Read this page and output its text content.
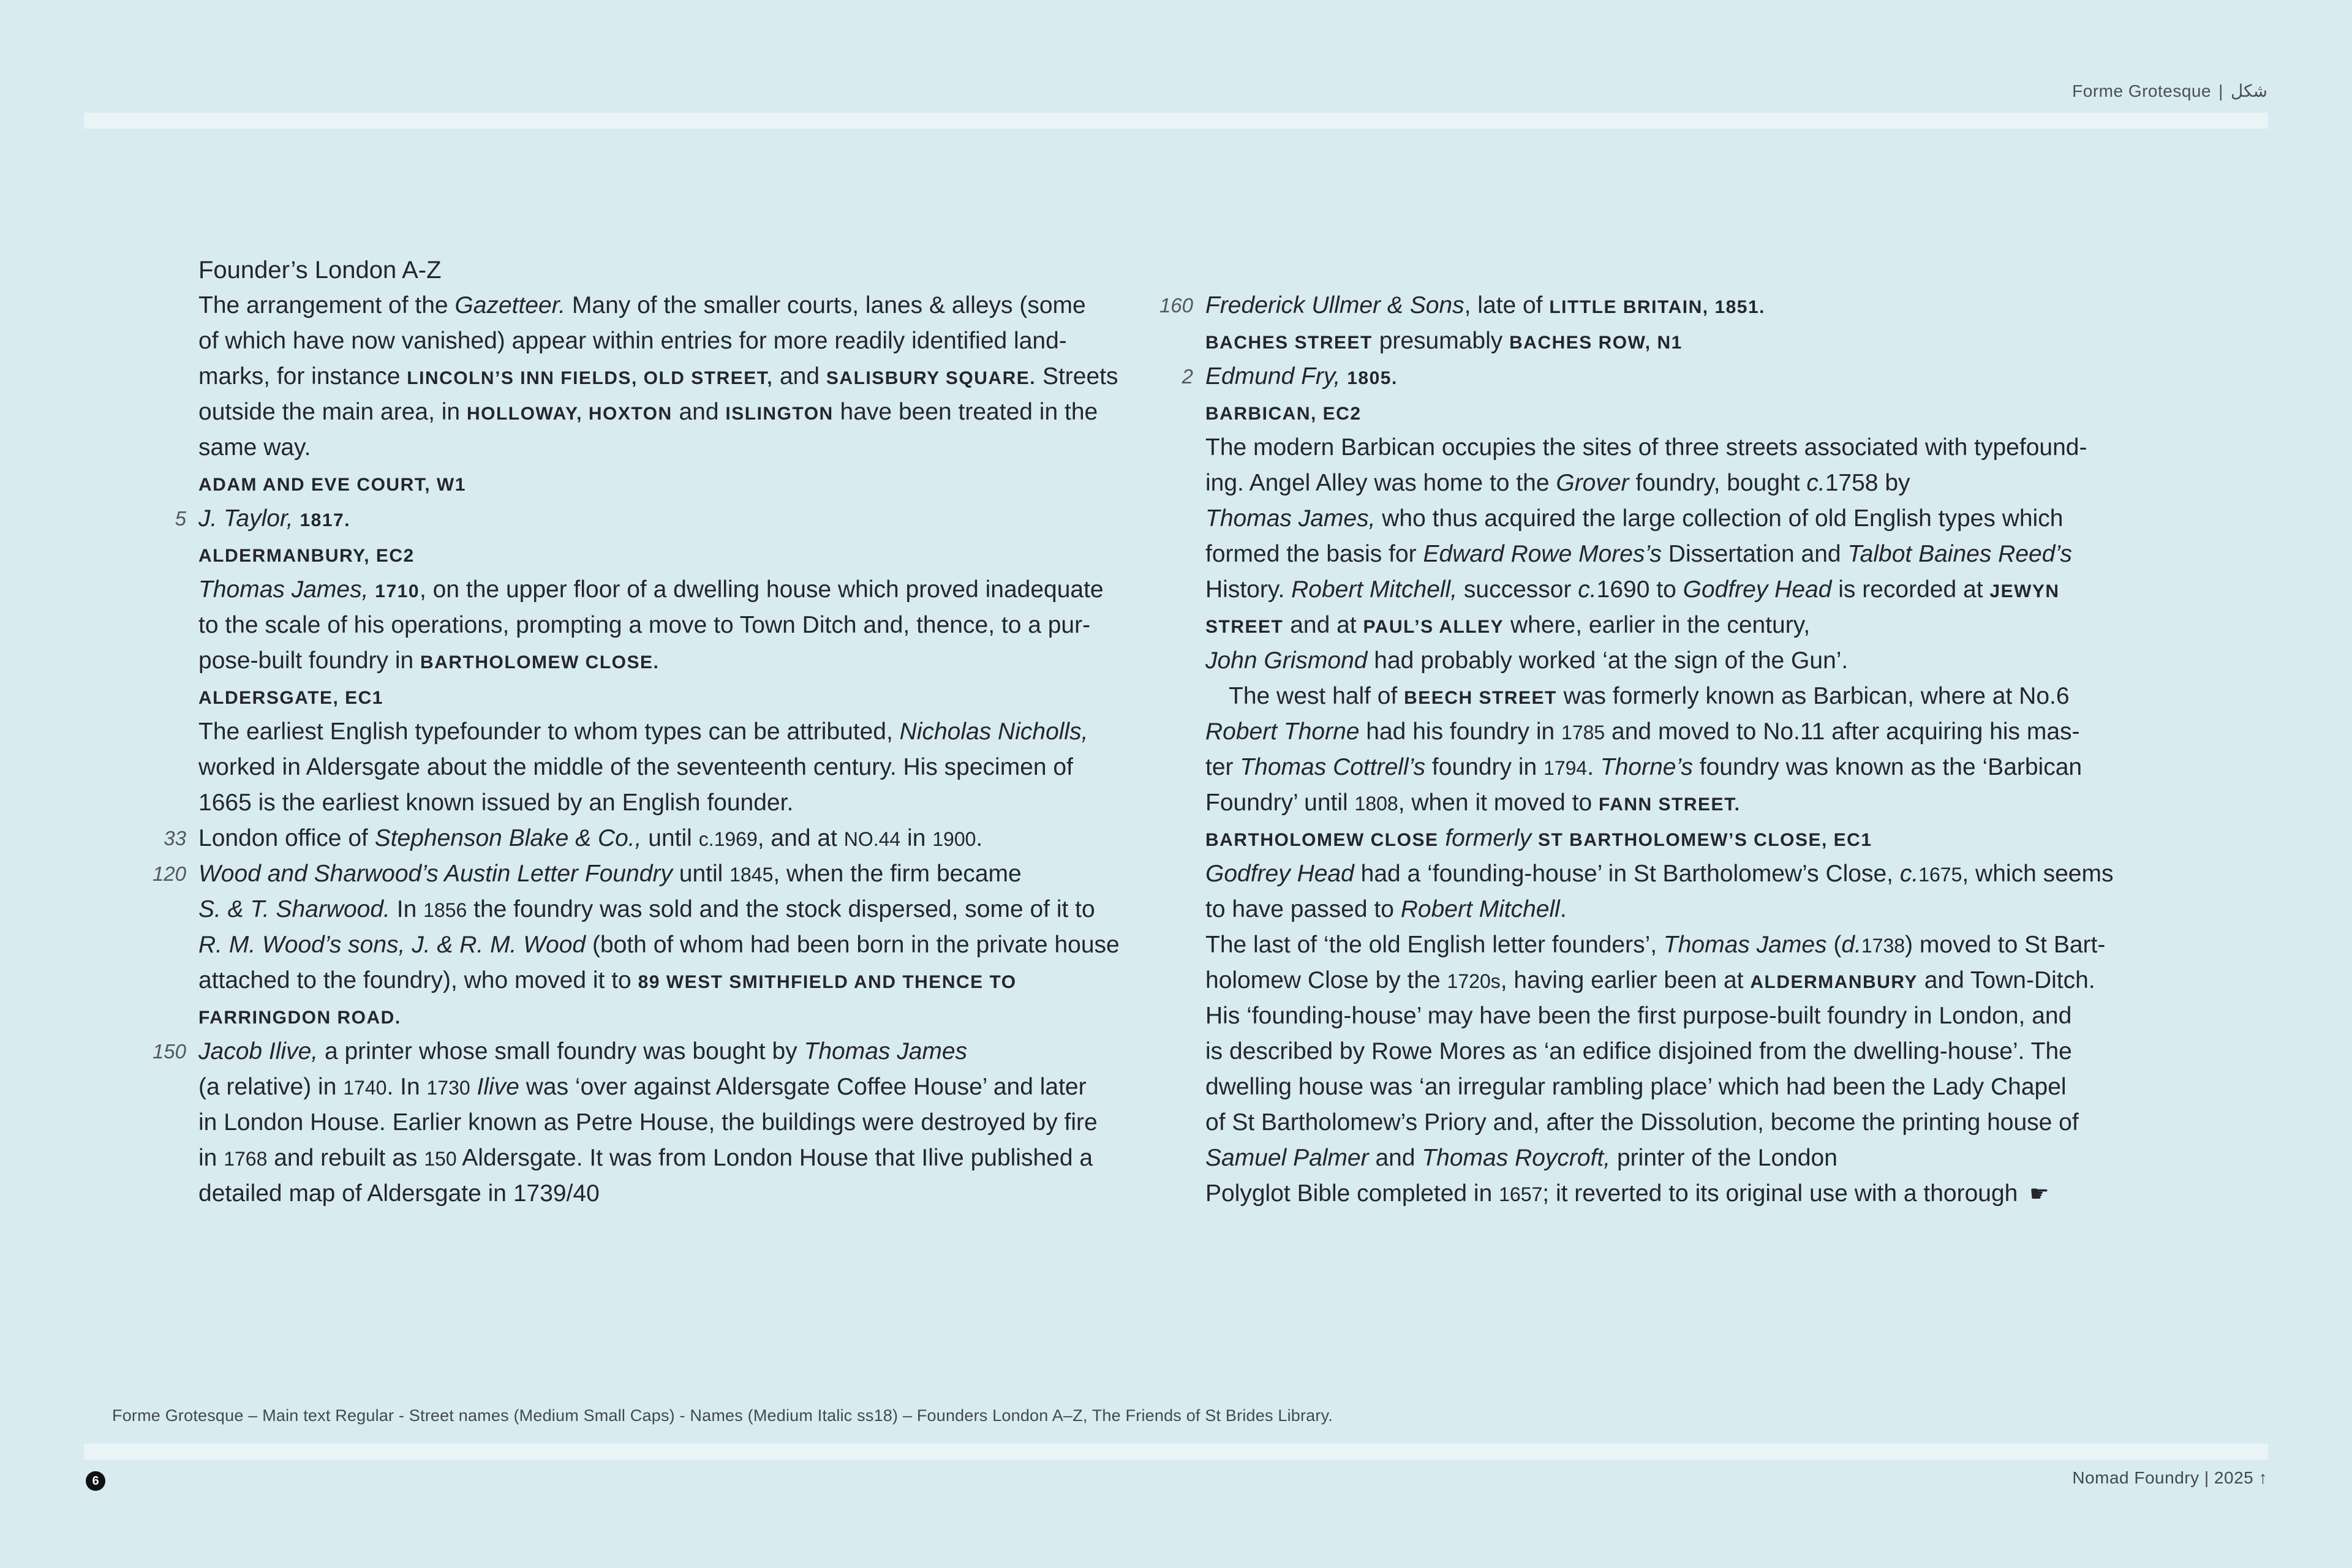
Forme Grotesque | شكل
Founder’s London A-Z
The arrangement of the Gazetteer. Many of the smaller courts, lanes & alleys (some
of which have now vanished) appear within entries for more readily identified land-
marks, for instance LINCOLN’S INN FIELDS, OLD STREET, and SALISBURY SQUARE. Streets
outside the main area, in HOLLOWAY, HOXTON and ISLINGTON have been treated in the
same way.
ADAM AND EVE COURT, W1
5 J. Taylor, 1817.
ALDERMANBURY, EC2
Thomas James, 1710, on the upper floor of a dwelling house which proved inadequate
to the scale of his operations, prompting a move to Town Ditch and, thence, to a pur-
pose-built foundry in BARTHOLOMEW CLOSE.
ALDERSGATE, EC1
The earliest English typefounder to whom types can be attributed, Nicholas Nicholls,
worked in Aldersgate about the middle of the seventeenth century. His specimen of
1665 is the earliest known issued by an English founder.
33 London office of Stephenson Blake & Co., until c.1969, and at NO.44 in 1900.
120 Wood and Sharwood’s Austin Letter Foundry until 1845, when the firm became
S. & T. Sharwood. In 1856 the foundry was sold and the stock dispersed, some of it to
R. M. Wood’s sons, J. & R. M. Wood (both of whom had been born in the private house
attached to the foundry), who moved it to 89 WEST SMITHFIELD AND THENCE TO
FARRINGDON ROAD.
150 Jacob Ilive, a printer whose small foundry was bought by Thomas James
(a relative) in 1740. In 1730 Ilive was ‘over against Aldersgate Coffee House’ and later
in London House. Earlier known as Petre House, the buildings were destroyed by fire
in 1768 and rebuilt as 150 Aldersgate. It was from London House that Ilive published a
detailed map of Aldersgate in 1739/40
160 Frederick Ullmer & Sons, late of LITTLE BRITAIN, 1851.
BACHES STREET presumably BACHES ROW, N1
2 Edmund Fry, 1805.
BARBICAN, EC2
The modern Barbican occupies the sites of three streets associated with typefound-
ing. Angel Alley was home to the Grover foundry, bought c.1758 by
Thomas James, who thus acquired the large collection of old English types which
formed the basis for Edward Rowe Mores’s Dissertation and Talbot Baines Reed’s
History. Robert Mitchell, successor c.1690 to Godfrey Head is recorded at JEWYN
STREET and at PAUL’S ALLEY where, earlier in the century,
John Grismond had probably worked ‘at the sign of the Gun’.
The west half of BEECH STREET was formerly known as Barbican, where at No.6
Robert Thorne had his foundry in 1785 and moved to No.11 after acquiring his mas-
ter Thomas Cottrell’s foundry in 1794. Thorne’s foundry was known as the ‘Barbican
Foundry’ until 1808, when it moved to FANN STREET.
BARTHOLOMEW CLOSE formerly ST BARTHOLOMEW’S CLOSE, EC1
Godfrey Head had a ‘founding-house’ in St Bartholomew’s Close, c.1675, which seems
to have passed to Robert Mitchell.
The last of ‘the old English letter founders’, Thomas James (d.1738) moved to St Bart-
holomew Close by the 1720s, having earlier been at ALDERMANBURY and Town-Ditch.
His ‘founding-house’ may have been the first purpose-built foundry in London, and
is described by Rowe Mores as ‘an edifice disjoined from the dwelling-house’. The
dwelling house was ‘an irregular rambling place’ which had been the Lady Chapel
of St Bartholomew’s Priory and, after the Dissolution, become the printing house of
Samuel Palmer and Thomas Roycroft, printer of the London
Polyglot Bible completed in 1657; it reverted to its original use with a thorough ☛
Forme Grotesque – Main text Regular - Street names (Medium Small Caps) - Names (Medium Italic ss18) – Founders London A–Z, The Friends of St Brides Library.
6	Nomad Foundry | 2025 ↑
